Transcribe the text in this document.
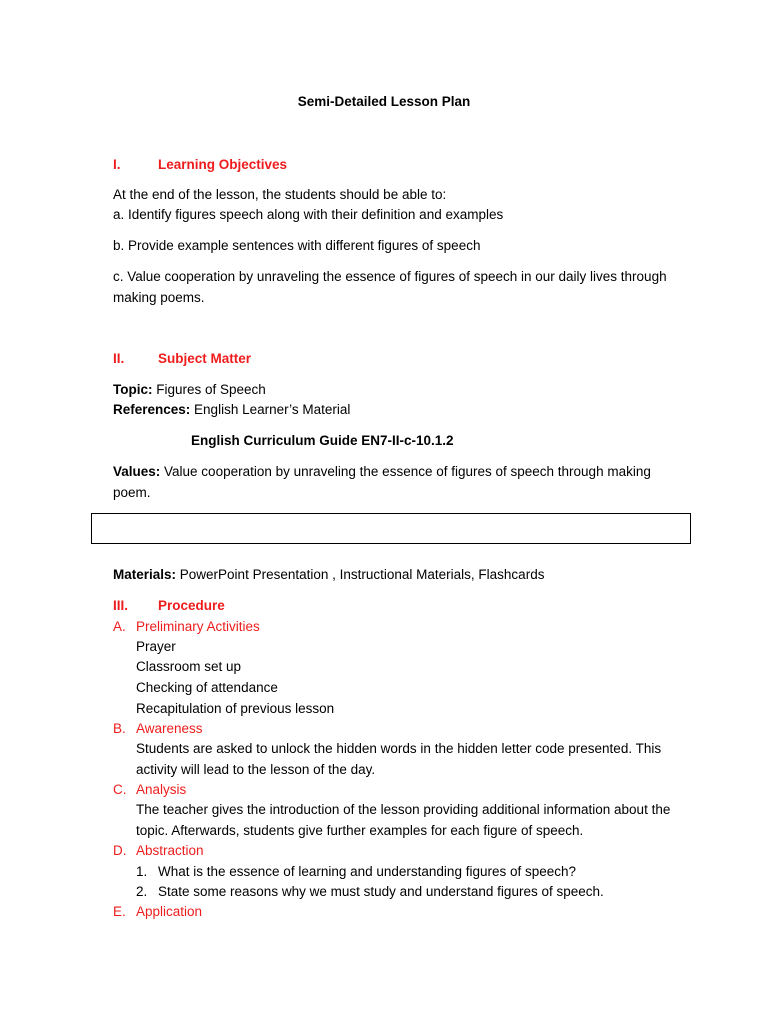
Semi-Detailed Lesson Plan
I.	Learning Objectives
At the end of the lesson, the students should be able to:
a. Identify figures speech along with their definition and examples
b. Provide example sentences with different figures of speech
c. Value cooperation by unraveling the essence of figures of speech in our daily lives through making poems.
II. Subject Matter
Topic: Figures of Speech
References: English Learner’s Material
English Curriculum Guide EN7-II-c-10.1.2
Values: Value cooperation by unraveling the essence of figures of speech through making poem.
Materials: PowerPoint Presentation , Instructional Materials, Flashcards
III. Procedure
A. Preliminary Activities
Prayer
Classroom set up
Checking of attendance
Recapitulation of previous lesson
B. Awareness
Students are asked to unlock the hidden words in the hidden letter code presented. This activity will lead to the lesson of the day.
C. Analysis
The teacher gives the introduction of the lesson providing additional information about the topic. Afterwards, students give further examples for each figure of speech.
D. Abstraction
1. What is the essence of learning and understanding figures of speech?
2. State some reasons why we must study and understand figures of speech.
E. Application
